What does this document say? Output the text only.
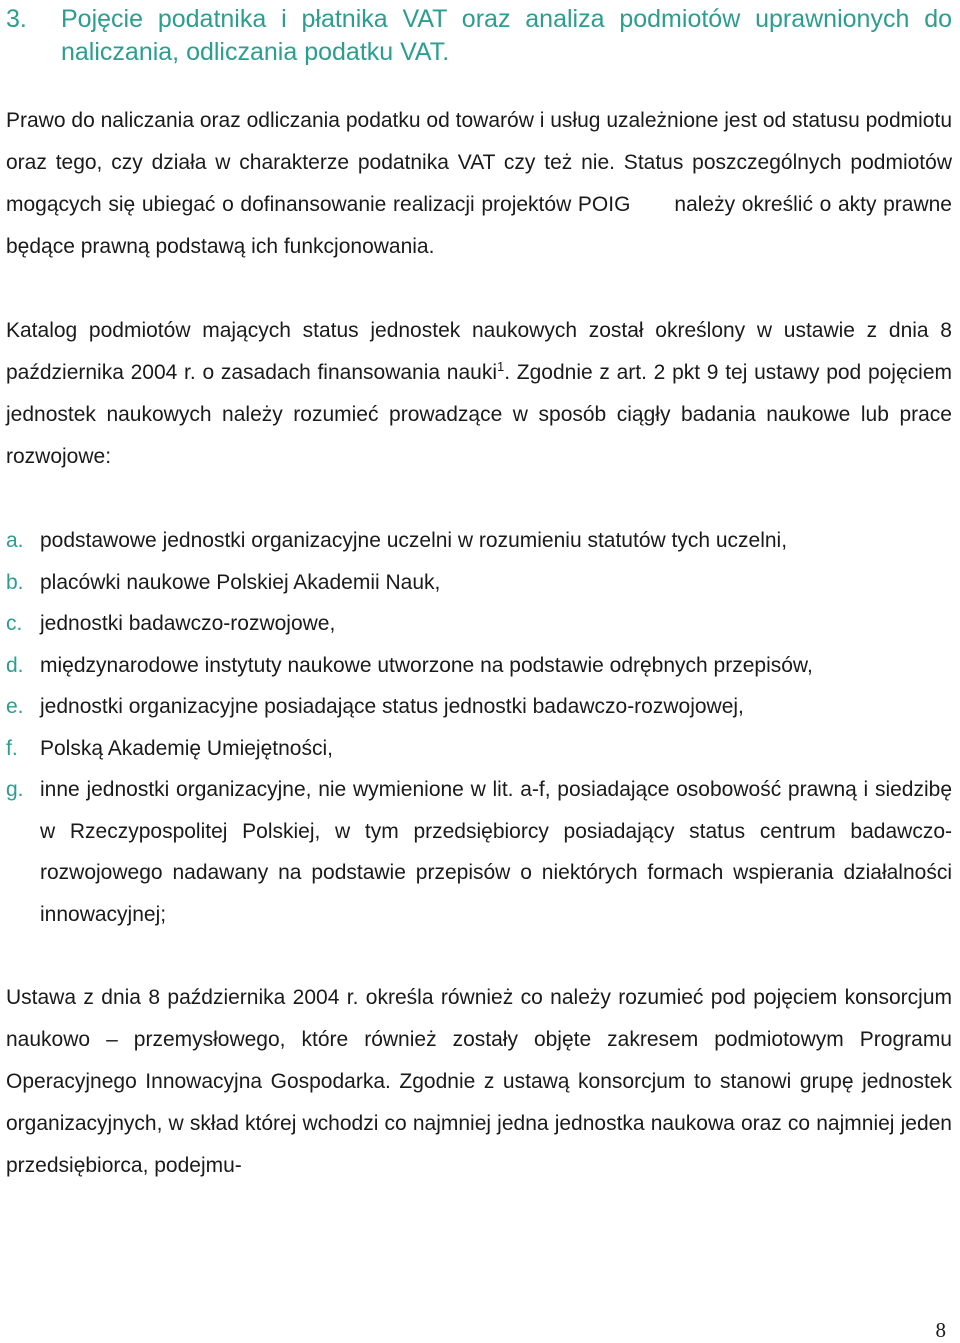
3.	Pojęcie podatnika i płatnika VAT oraz analiza podmiotów uprawnionych do naliczania, odliczania podatku VAT.

Prawo do naliczania oraz odliczania podatku od towarów i usług uzależnione jest od statusu podmiotu oraz tego, czy działa w charakterze podatnika VAT czy też nie. Status poszczególnych podmiotów mogących się ubiegać o dofinansowanie realizacji projektów POIG należy określić o akty prawne będące prawną podstawą ich funkcjonowania.

Katalog podmiotów mających status jednostek naukowych został określony w ustawie z dnia 8 października 2004 r. o zasadach finansowania nauki$^1$. Zgodnie z art. 2 pkt 9 tej ustawy pod pojęciem jednostek naukowych należy rozumieć prowadzące w sposób ciągły badania naukowe lub prace rozwojowe:

a. podstawowe jednostki organizacyjne uczelni w rozumieniu statutów tych uczelni,
b. placówki naukowe Polskiej Akademii Nauk,
c. jednostki badawczo-rozwojowe,
d. międzynarodowe instytuty naukowe utworzone na podstawie odrębnych przepisów,
e. jednostki organizacyjne posiadające status jednostki badawczo-rozwojowej,
f.	Polską Akademię Umiejętności,
g. inne jednostki organizacyjne, nie wymienione w lit. a-f, posiadające osobowość prawną i siedzibę w Rzeczypospolitej Polskiej, w tym przedsiębiorcy posiadający status centrum badawczo-rozwojowego nadawany na podstawie przepisów o niektórych formach wspierania działalności innowacyjnej;

Ustawa z dnia 8 października 2004 r. określa również co należy rozumieć pod pojęciem konsorcjum naukowo – przemysłowego, które również zostały objęte zakresem podmiotowym Programu Operacyjnego Innowacyjna Gospodarka. Zgodnie z ustawą konsorcjum to stanowi grupę jednostek organizacyjnych, w skład której wchodzi co najmniej jedna jednostka naukowa oraz co najmniej jeden przedsiębiorca, podejmu-

8
